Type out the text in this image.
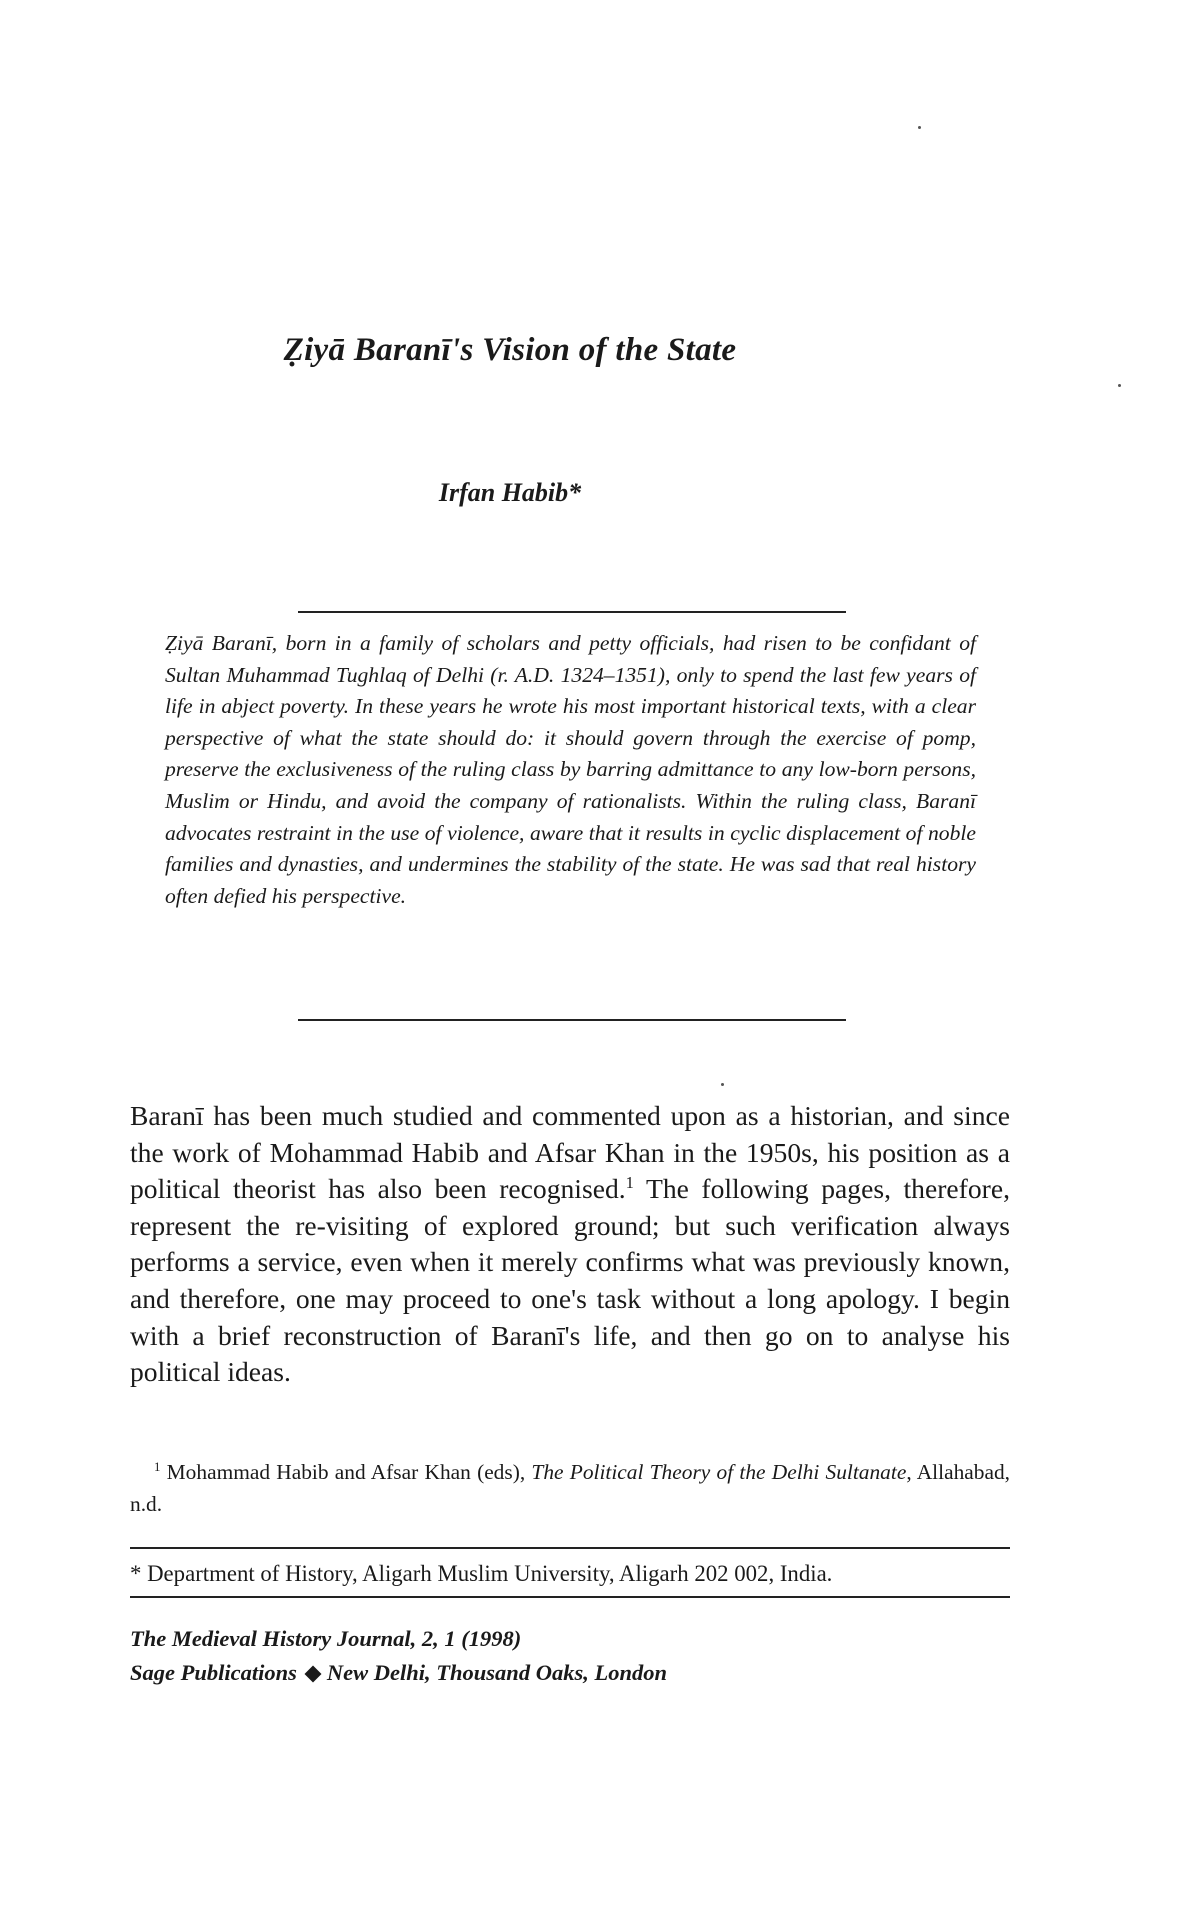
Ẓiyā Baranī's Vision of the State
Irfan Habib*

Ẓiyā Baranī, born in a family of scholars and petty officials, had risen to be confidant of Sultan Muhammad Tughlaq of Delhi (r. A.D. 1324–1351), only to spend the last few years of life in abject poverty. In these years he wrote his most important historical texts, with a clear perspective of what the state should do: it should govern through the exercise of pomp, preserve the exclusiveness of the ruling class by barring admittance to any low-born persons, Muslim or Hindu, and avoid the company of rationalists. Within the ruling class, Baranī advocates restraint in the use of violence, aware that it results in cyclic displacement of noble families and dynasties, and undermines the stability of the state. He was sad that real history often defied his perspective.

Baranī has been much studied and commented upon as a historian, and since the work of Mohammad Habib and Afsar Khan in the 1950s, his position as a political theorist has also been recognised.$^1$ The following pages, therefore, represent the re-visiting of explored ground; but such verification always performs a service, even when it merely confirms what was previously known, and therefore, one may proceed to one's task without a long apology. I begin with a brief reconstruction of Baranī's life, and then go on to analyse his political ideas.

$^1$ Mohammad Habib and Afsar Khan (eds), The Political Theory of the Delhi Sultanate, Allahabad, n.d.

* Department of History, Aligarh Muslim University, Aligarh 202 002, India.
The Medieval History Journal, 2, 1 (1998)
Sage Publications New Delhi, Thousand Oaks, London
